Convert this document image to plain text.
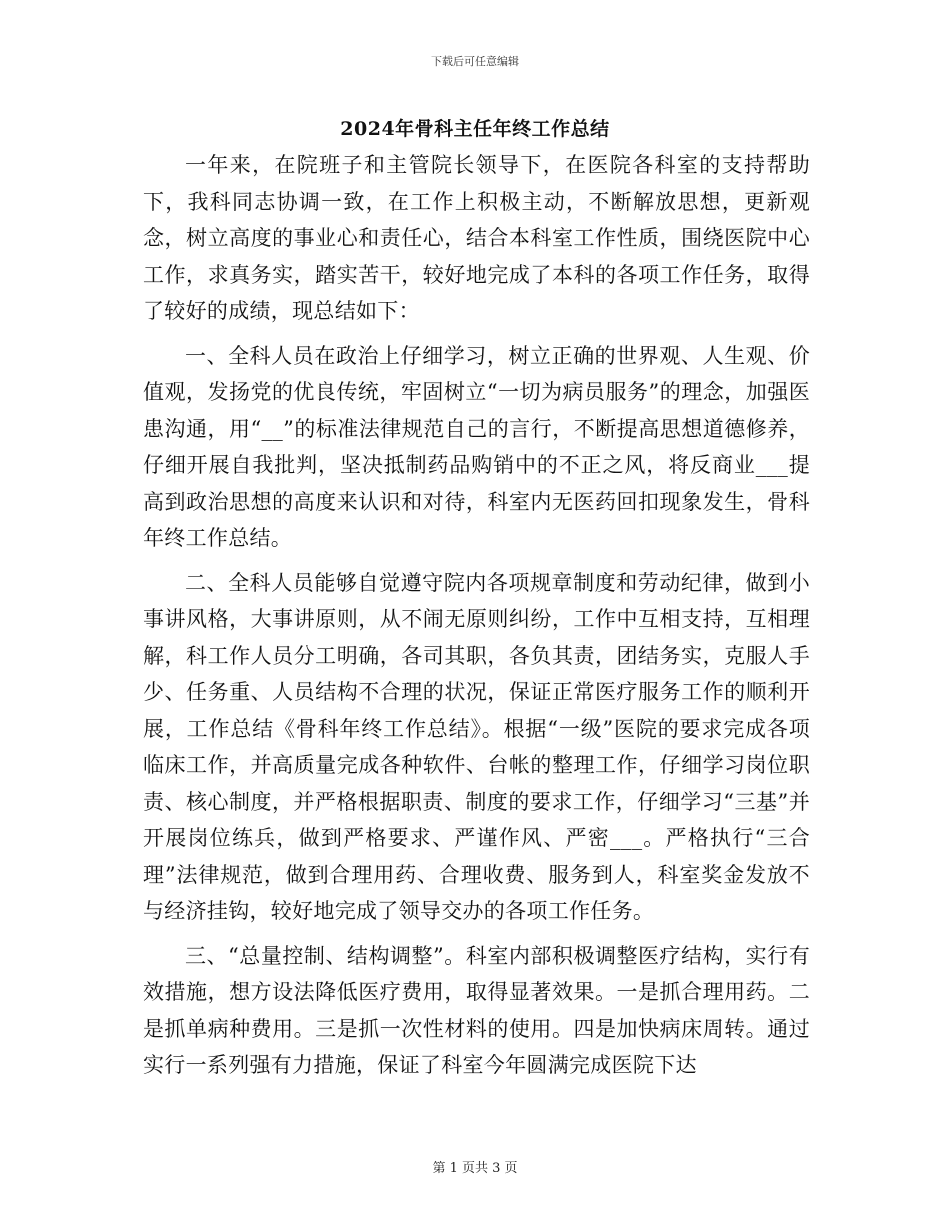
下载后可任意编辑
2024年骨科主任年终工作总结

一年来，在院班子和主管院长领导下，在医院各科室的支持帮助下，我科同志协调一致，在工作上积极主动，不断解放思想，更新观念，树立高度的事业心和责任心，结合本科室工作性质，围绕医院中心工作，求真务实，踏实苦干，较好地完成了本科的各项工作任务，取得了较好的成绩，现总结如下：

一、全科人员在政治上仔细学习，树立正确的世界观、人生观、价值观，发扬党的优良传统，牢固树立“一切为病员服务”的理念，加强医患沟通，用“__”的标准法律规范自己的言行，不断提高思想道德修养，仔细开展自我批判，坚决抵制药品购销中的不正之风，将反商业___提高到政治思想的高度来认识和对待，科室内无医药回扣现象发生，骨科年终工作总结。

二、全科人员能够自觉遵守院内各项规章制度和劳动纪律，做到小事讲风格，大事讲原则，从不闹无原则纠纷，工作中互相支持，互相理解，科工作人员分工明确，各司其职，各负其责，团结务实，克服人手少、任务重、人员结构不合理的状况，保证正常医疗服务工作的顺利开展，工作总结《骨科年终工作总结》。根据“一级”医院的要求完成各项临床工作，并高质量完成各种软件、台帐的整理工作，仔细学习岗位职责、核心制度，并严格根据职责、制度的要求工作，仔细学习“三基”并开展岗位练兵，做到严格要求、严谨作风、严密___。严格执行“三合理”法律规范，做到合理用药、合理收费、服务到人，科室奖金发放不与经济挂钩，较好地完成了领导交办的各项工作任务。

三、“总量控制、结构调整”。科室内部积极调整医疗结构，实行有效措施，想方设法降低医疗费用，取得显著效果。一是抓合理用药。二是抓单病种费用。三是抓一次性材料的使用。四是加快病床周转。通过实行一系列强有力措施，保证了科室今年圆满完成医院下达

第 1 页共 3 页
